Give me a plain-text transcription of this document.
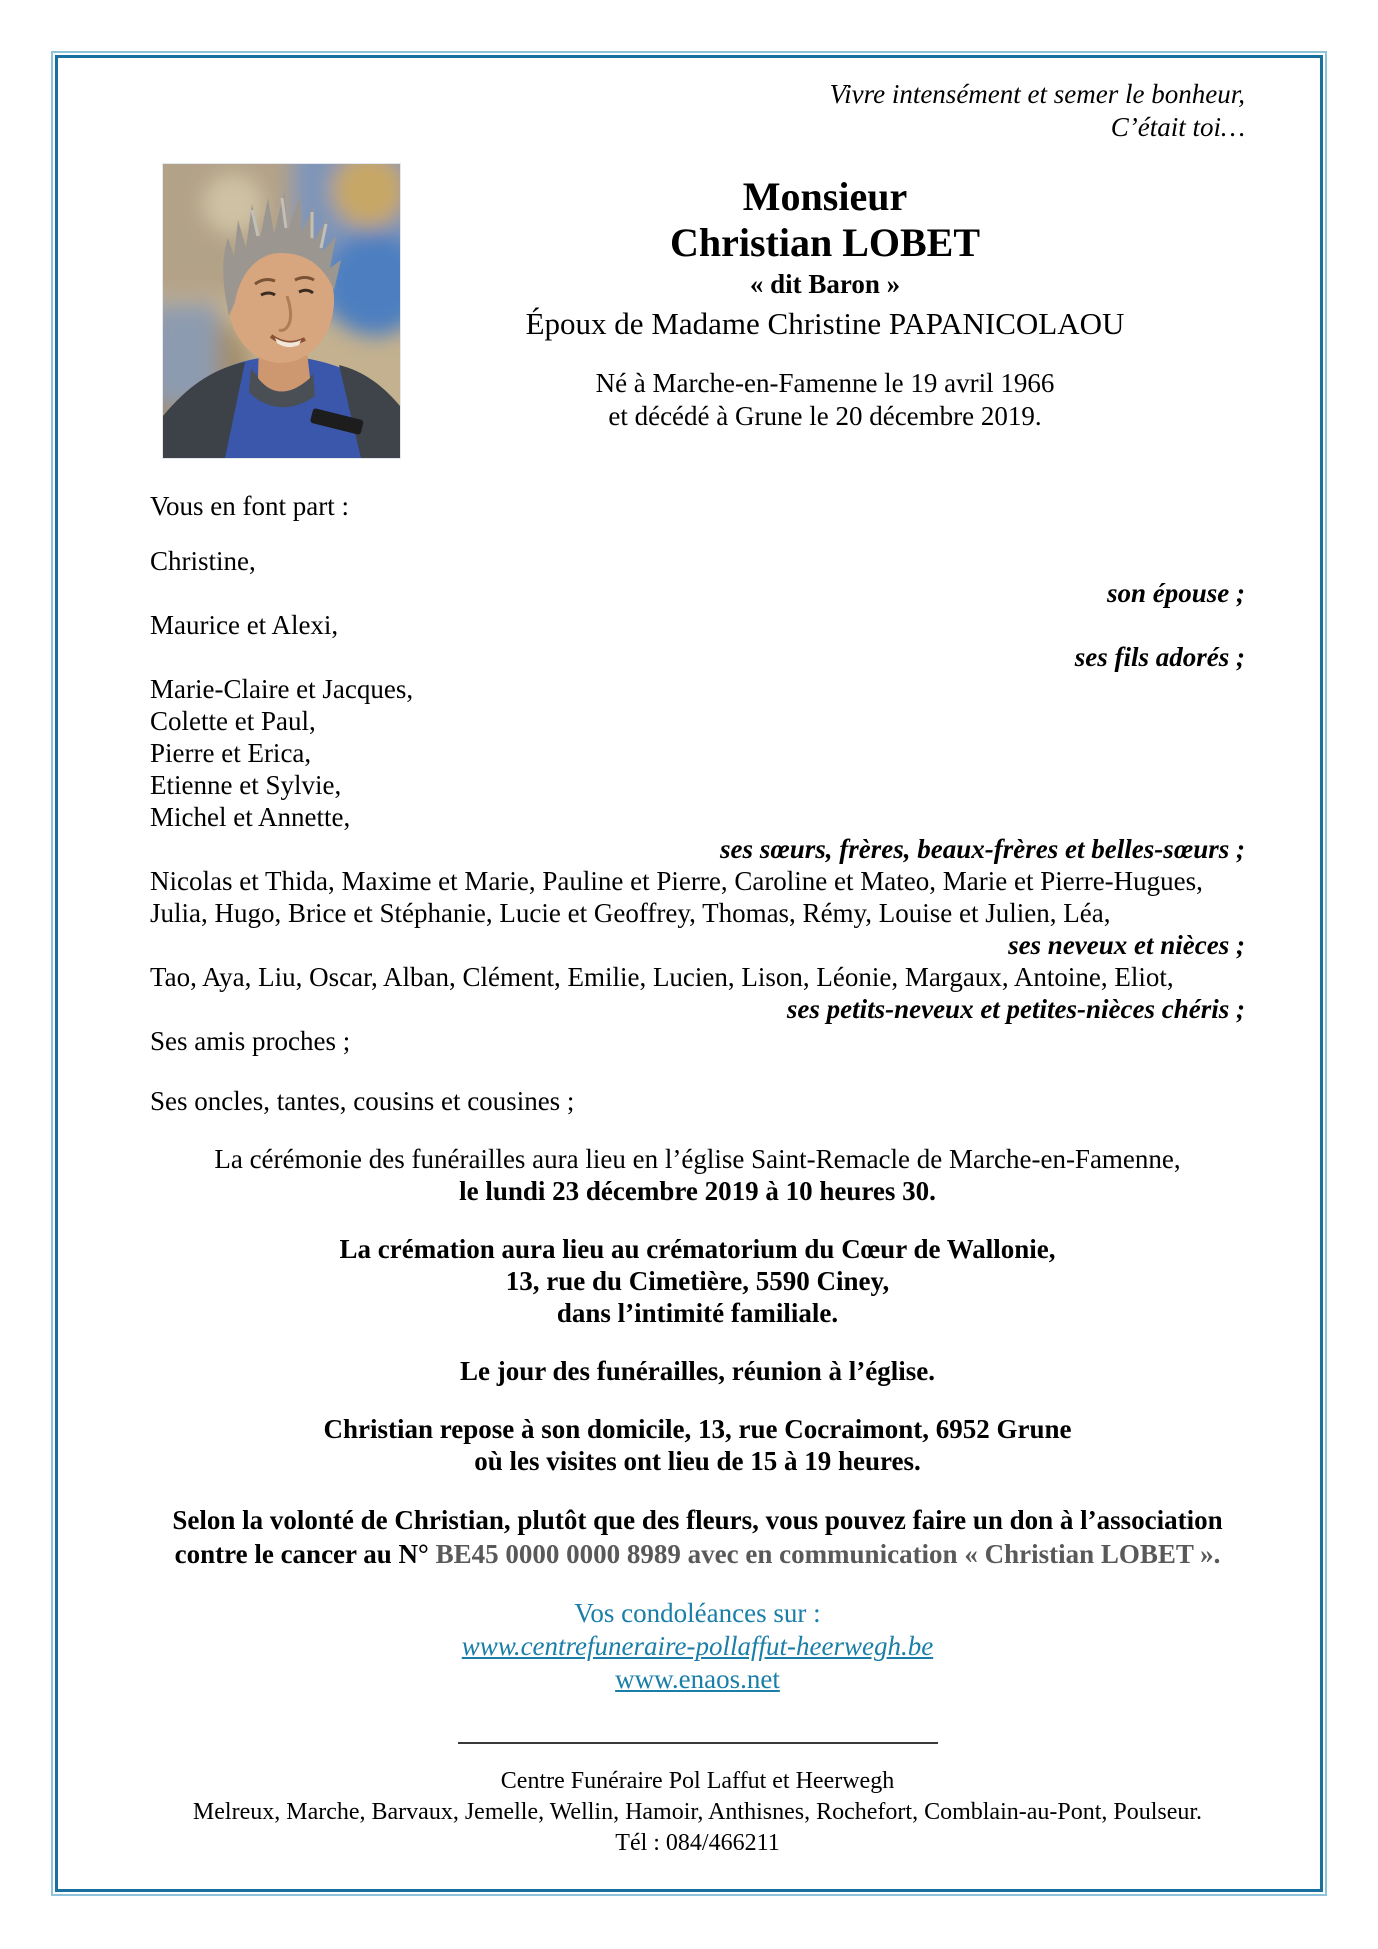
Vivre intensément et semer le bonheur,
C’était toi…
Monsieur
Christian LOBET
« dit Baron »
Époux de Madame Christine PAPANICOLAOU
Né à Marche-en-Famenne le 19 avril 1966
et décédé à Grune le 20 décembre 2019.
Vous en font part :
Christine,
son épouse ;
Maurice et Alexi,
ses fils adorés ;
Marie-Claire et Jacques,
Colette et Paul,
Pierre et Erica,
Etienne et Sylvie,
Michel et Annette,
ses sœurs, frères, beaux-frères et belles-sœurs ;
Nicolas et Thida, Maxime et Marie, Pauline et Pierre, Caroline et Mateo, Marie et Pierre-Hugues,
Julia, Hugo, Brice et Stéphanie, Lucie et Geoffrey, Thomas, Rémy, Louise et Julien, Léa,
ses neveux et nièces ;
Tao, Aya, Liu, Oscar, Alban, Clément, Emilie, Lucien, Lison, Léonie, Margaux, Antoine, Eliot,
ses petits-neveux et petites-nièces chéris ;
Ses amis proches ;
Ses oncles, tantes, cousins et cousines ;
La cérémonie des funérailles aura lieu en l’église Saint-Remacle de Marche-en-Famenne,
le lundi 23 décembre 2019 à 10 heures 30.
La crémation aura lieu au crématorium du Cœur de Wallonie,
13, rue du Cimetière, 5590 Ciney,
dans l’intimité familiale.
Le jour des funérailles, réunion à l’église.
Christian repose à son domicile, 13, rue Cocraimont, 6952 Grune
où les visites ont lieu de 15 à 19 heures.
Selon la volonté de Christian, plutôt que des fleurs, vous pouvez faire un don à l’association
contre le cancer au N° BE45 0000 0000 8989 avec en communication « Christian LOBET ».
Vos condoléances sur :
www.centrefuneraire-pollaffut-heerwegh.be
www.enaos.net
Centre Funéraire Pol Laffut et Heerwegh
Melreux, Marche, Barvaux, Jemelle, Wellin, Hamoir, Anthisnes, Rochefort, Comblain-au-Pont, Poulseur.
Tél : 084/466211
